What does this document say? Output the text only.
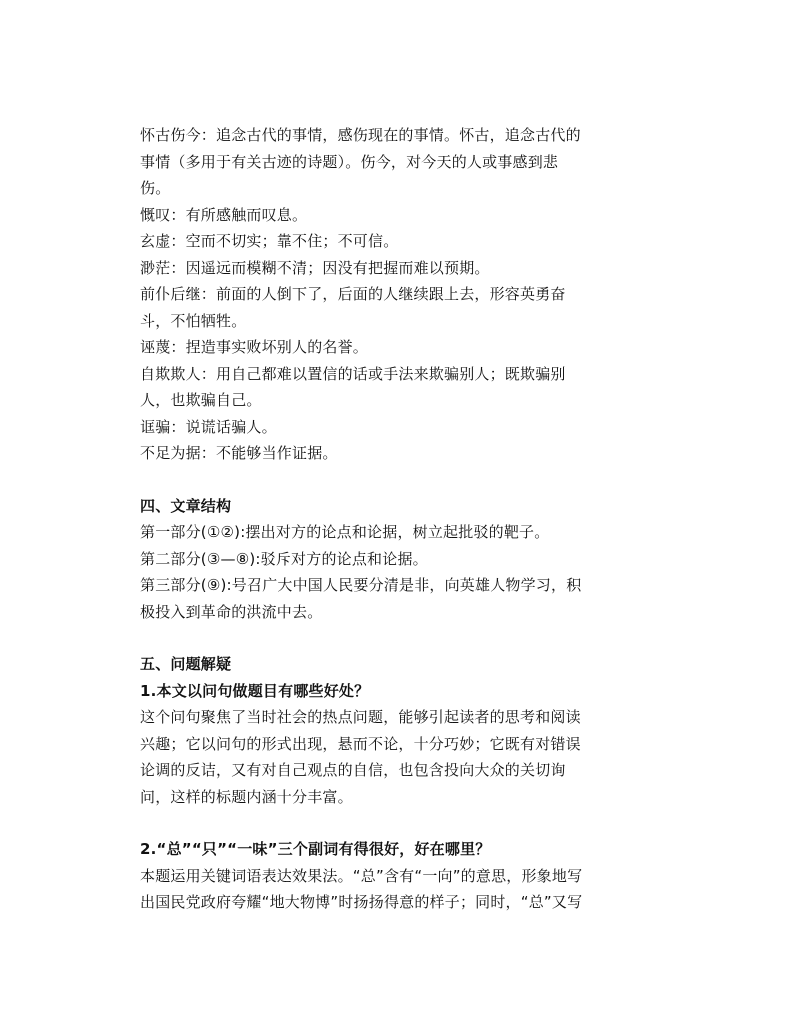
怀古伤今：追念古代的事情，感伤现在的事情。怀古，追念古代的
事情（多用于有关古迹的诗题）。伤今，对今天的人或事感到悲
伤。
慨叹：有所感触而叹息。
玄虚：空而不切实；靠不住；不可信。
渺茫：因遥远而模糊不清；因没有把握而难以预期。
前仆后继：前面的人倒下了，后面的人继续跟上去，形容英勇奋
斗，不怕牺牲。
诬蔑：捏造事实败坏别人的名誉。
自欺欺人：用自己都难以置信的话或手法来欺骗别人；既欺骗别
人，也欺骗自己。
诓骗：说谎话骗人。
不足为据：不能够当作证据。
四、文章结构
第一部分(①②):摆出对方的论点和论据，树立起批驳的靶子。
第二部分(③—⑧):驳斥对方的论点和论据。
第三部分(⑨):号召广大中国人民要分清是非，向英雄人物学习，积
极投入到革命的洪流中去。
五、问题解疑
1.本文以问句做题目有哪些好处？
这个问句聚焦了当时社会的热点问题，能够引起读者的思考和阅读
兴趣；它以问句的形式出现，悬而不论，十分巧妙；它既有对错误
论调的反诘，又有对自己观点的自信，也包含投向大众的关切询
问，这样的标题内涵十分丰富。
2.“总”“只”“一味”三个副词有得很好，好在哪里？
本题运用关键词语表达效果法。“总”含有“一向”的意思，形象地写
出国民党政府夸耀“地大物博”时扬扬得意的样子；同时，“总”又写
